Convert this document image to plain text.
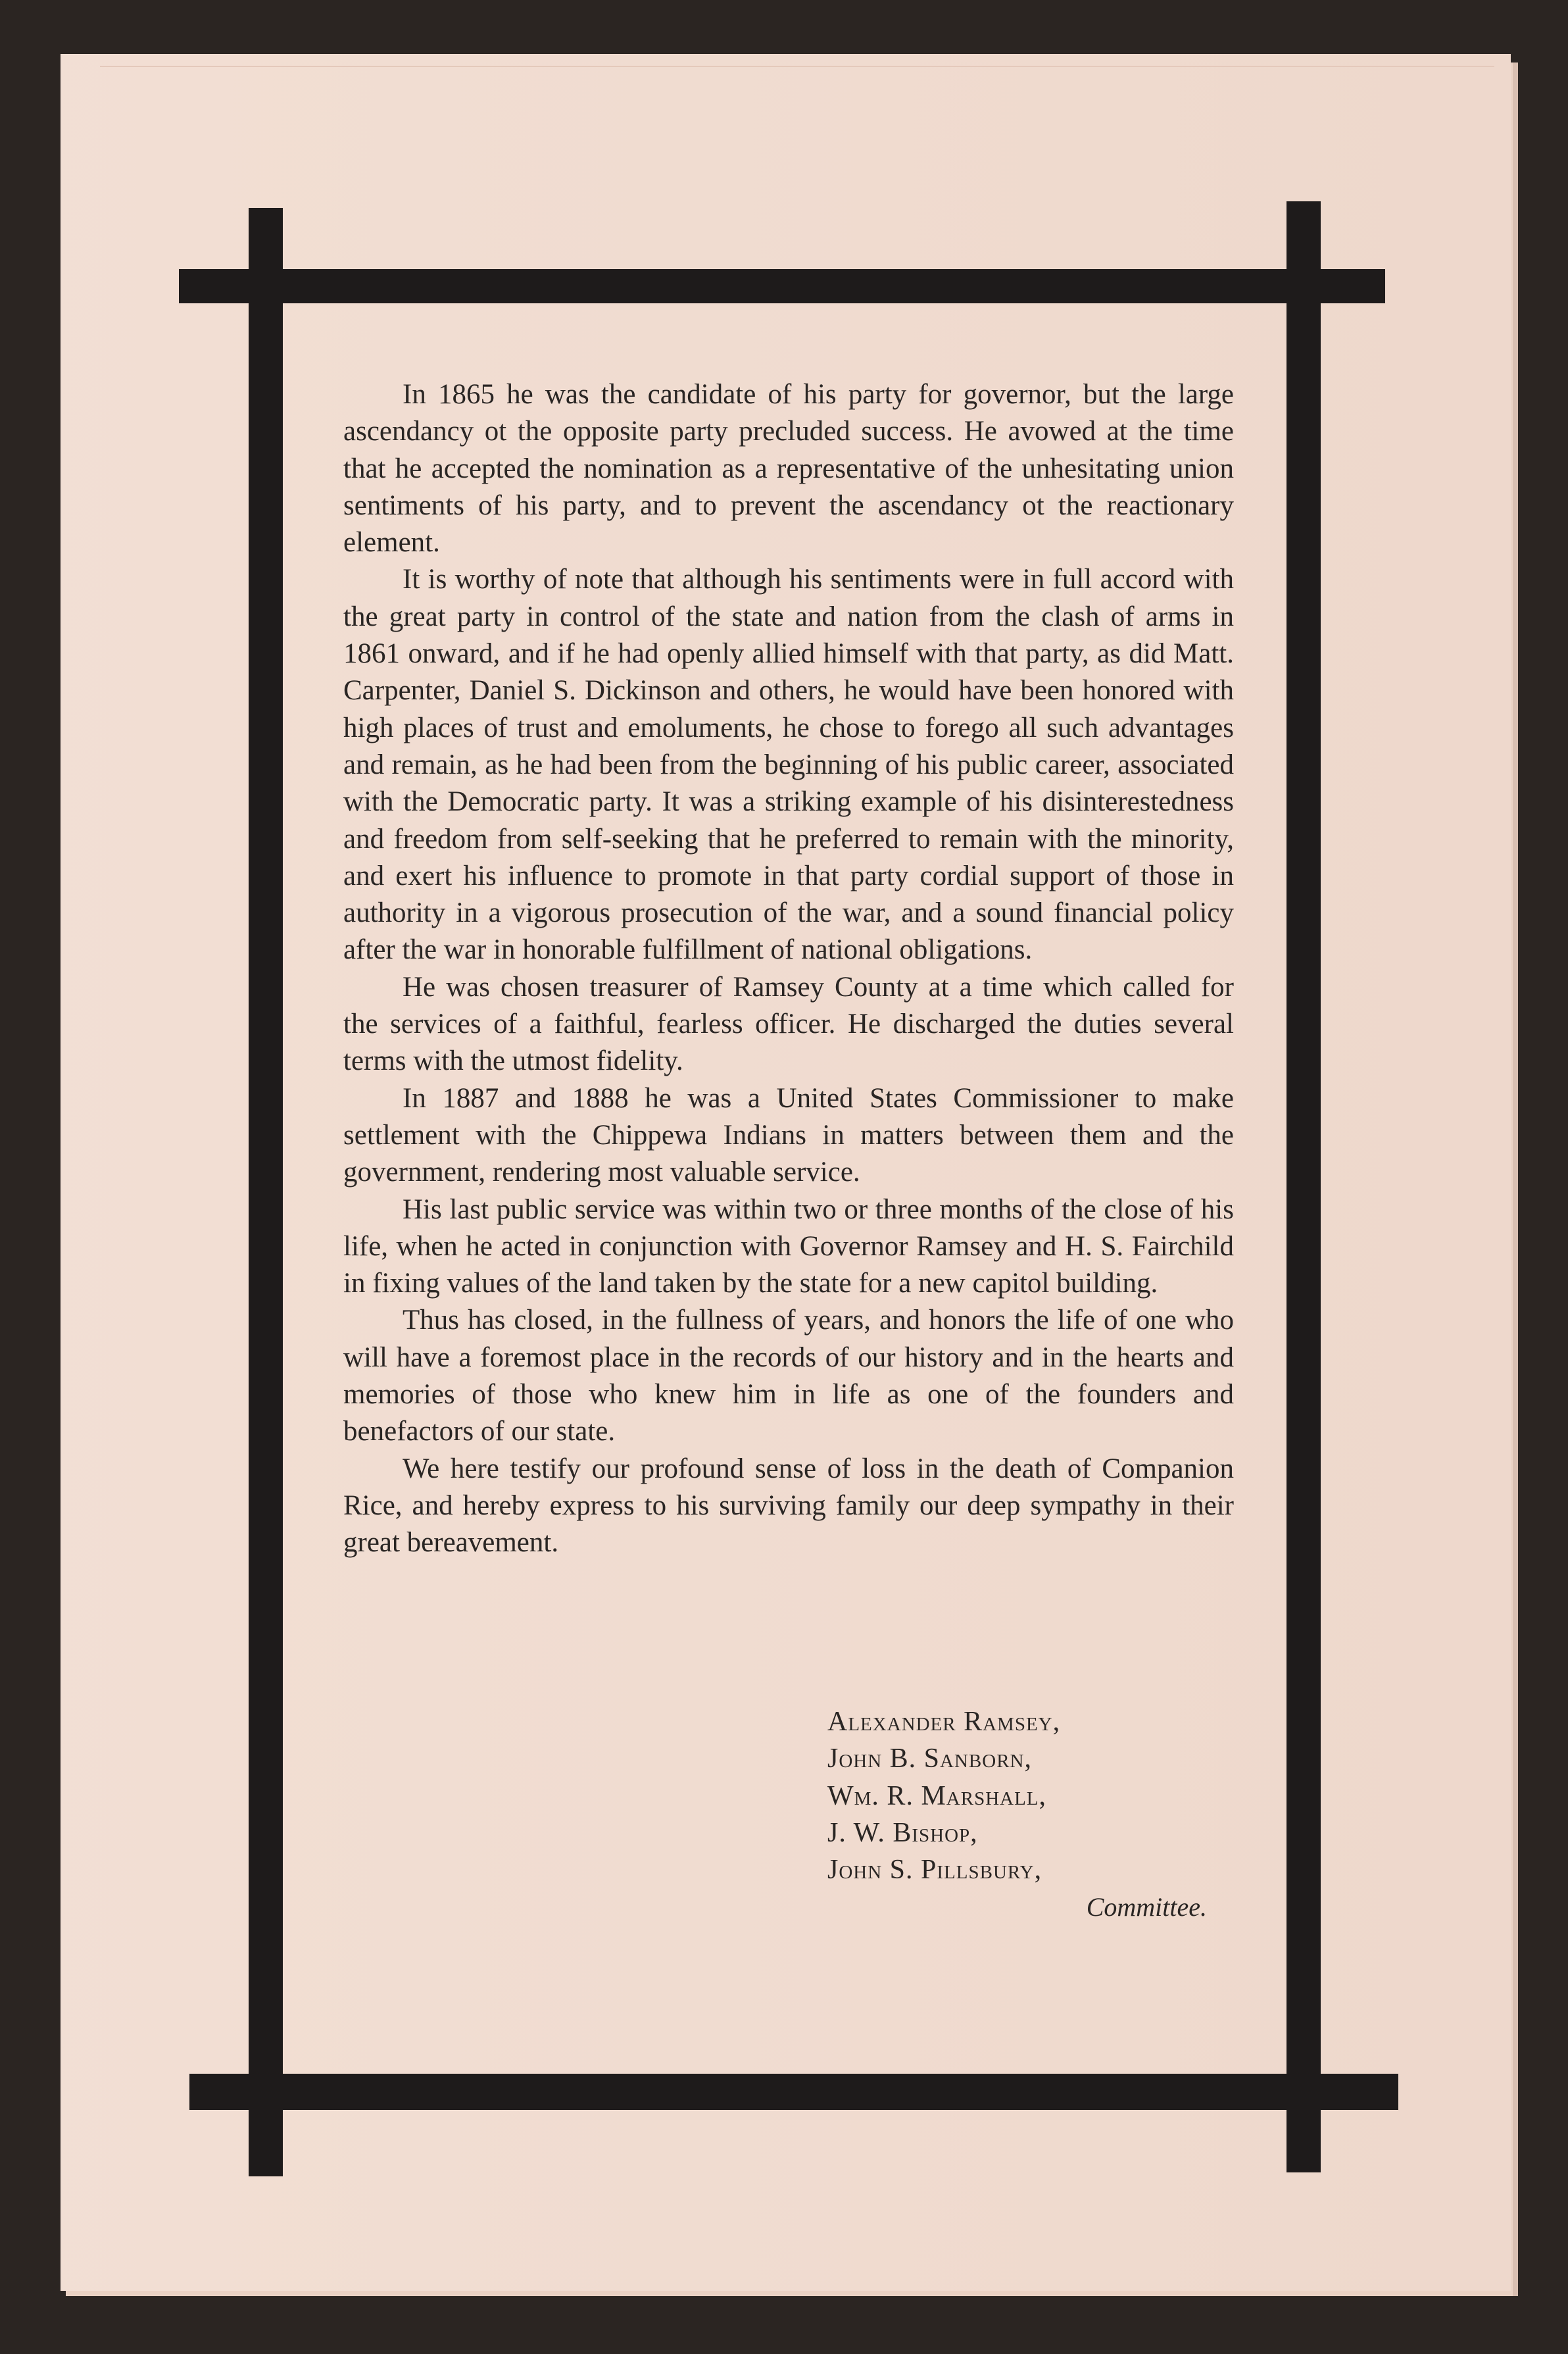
In 1865 he was the candidate of his party for governor, but the large ascendancy ot the opposite party precluded success. He avowed at the time that he accepted the nomination as a representative of the unhesitating union sentiments of his party, and to prevent the ascendancy ot the reactionary element.

It is worthy of note that although his sentiments were in full accord with the great party in control of the state and nation from the clash of arms in 1861 onward, and if he had openly allied himself with that party, as did Matt. Carpenter, Daniel S. Dickinson and others, he would have been honored with high places of trust and emoluments, he chose to forego all such advantages and remain, as he had been from the beginning of his public career, associated with the Democratic party. It was a striking example of his disinterestedness and freedom from self-seeking that he preferred to remain with the minority, and exert his influence to promote in that party cordial support of those in authority in a vigorous prosecution of the war, and a sound financial policy after the war in honorable fulfillment of national obligations.

He was chosen treasurer of Ramsey County at a time which called for the services of a faithful, fearless officer. He discharged the duties several terms with the utmost fidelity.

In 1887 and 1888 he was a United States Commissioner to make settlement with the Chippewa Indians in matters between them and the government, rendering most valuable service.

His last public service was within two or three months of the close of his life, when he acted in conjunction with Governor Ramsey and H. S. Fairchild in fixing values of the land taken by the state for a new capitol building.

Thus has closed, in the fullness of years, and honors the life of one who will have a foremost place in the records of our history and in the hearts and memories of those who knew him in life as one of the founders and benefactors of our state.

We here testify our profound sense of loss in the death of Companion Rice, and hereby express to his surviving family our deep sympathy in their great bereavement.

Alexander Ramsey,
John B. Sanborn,
Wm. R. Marshall,
J. W. Bishop,
John S. Pillsbury,
Committee.
